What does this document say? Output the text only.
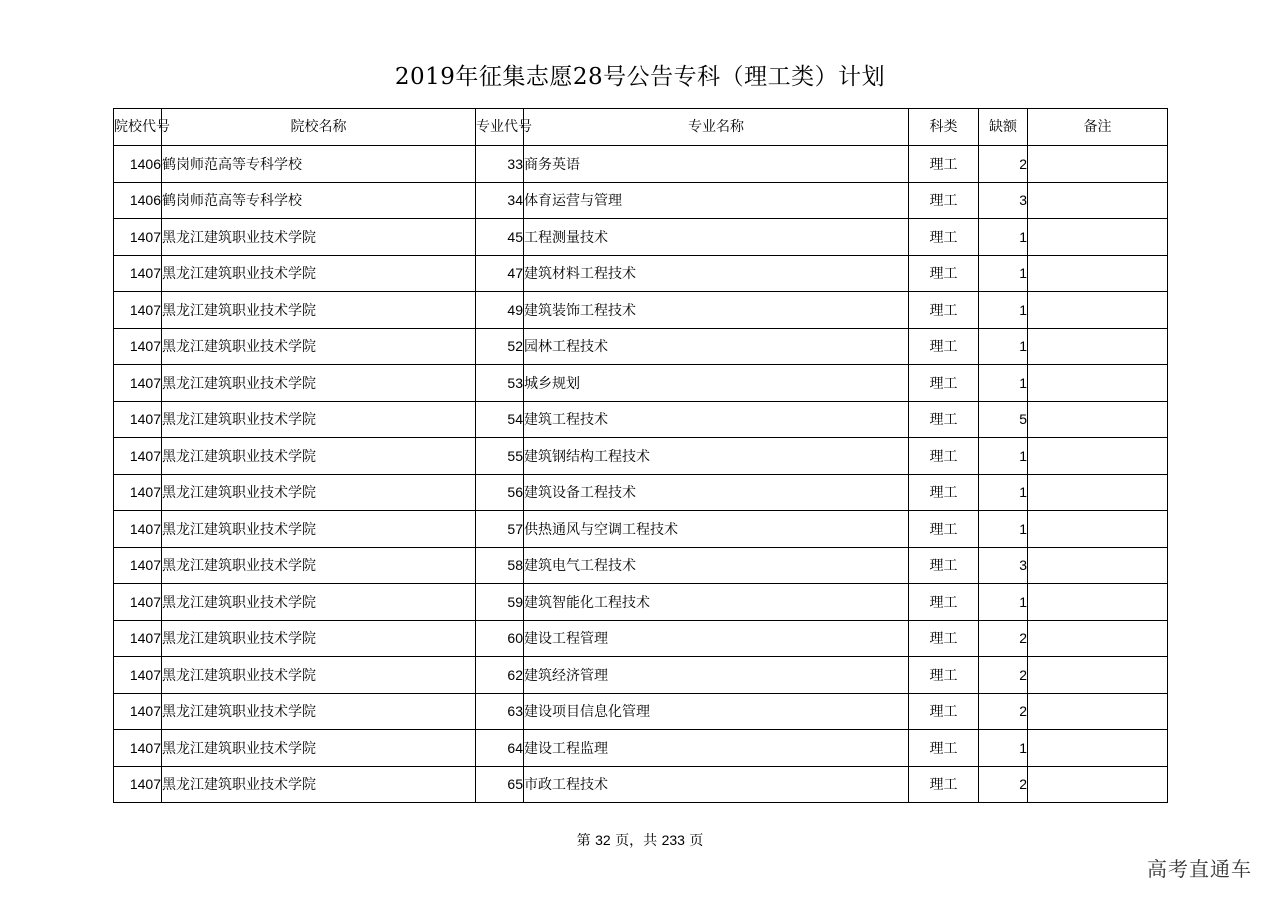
2019年征集志愿28号公告专科（理工类）计划
院校代号	院校名称	专业代号	专业名称	科类	缺额	备注
1406	鹤岗师范高等专科学校	33	商务英语	理工	2	
1406	鹤岗师范高等专科学校	34	体育运营与管理	理工	3	
1407	黑龙江建筑职业技术学院	45	工程测量技术	理工	1	
1407	黑龙江建筑职业技术学院	47	建筑材料工程技术	理工	1	
1407	黑龙江建筑职业技术学院	49	建筑装饰工程技术	理工	1	
1407	黑龙江建筑职业技术学院	52	园林工程技术	理工	1	
1407	黑龙江建筑职业技术学院	53	城乡规划	理工	1	
1407	黑龙江建筑职业技术学院	54	建筑工程技术	理工	5	
1407	黑龙江建筑职业技术学院	55	建筑钢结构工程技术	理工	1	
1407	黑龙江建筑职业技术学院	56	建筑设备工程技术	理工	1	
1407	黑龙江建筑职业技术学院	57	供热通风与空调工程技术	理工	1	
1407	黑龙江建筑职业技术学院	58	建筑电气工程技术	理工	3	
1407	黑龙江建筑职业技术学院	59	建筑智能化工程技术	理工	1	
1407	黑龙江建筑职业技术学院	60	建设工程管理	理工	2	
1407	黑龙江建筑职业技术学院	62	建筑经济管理	理工	2	
1407	黑龙江建筑职业技术学院	63	建设项目信息化管理	理工	2	
1407	黑龙江建筑职业技术学院	64	建设工程监理	理工	1	
1407	黑龙江建筑职业技术学院	65	市政工程技术	理工	2	
第 32 页，共 233 页
高考直通车
